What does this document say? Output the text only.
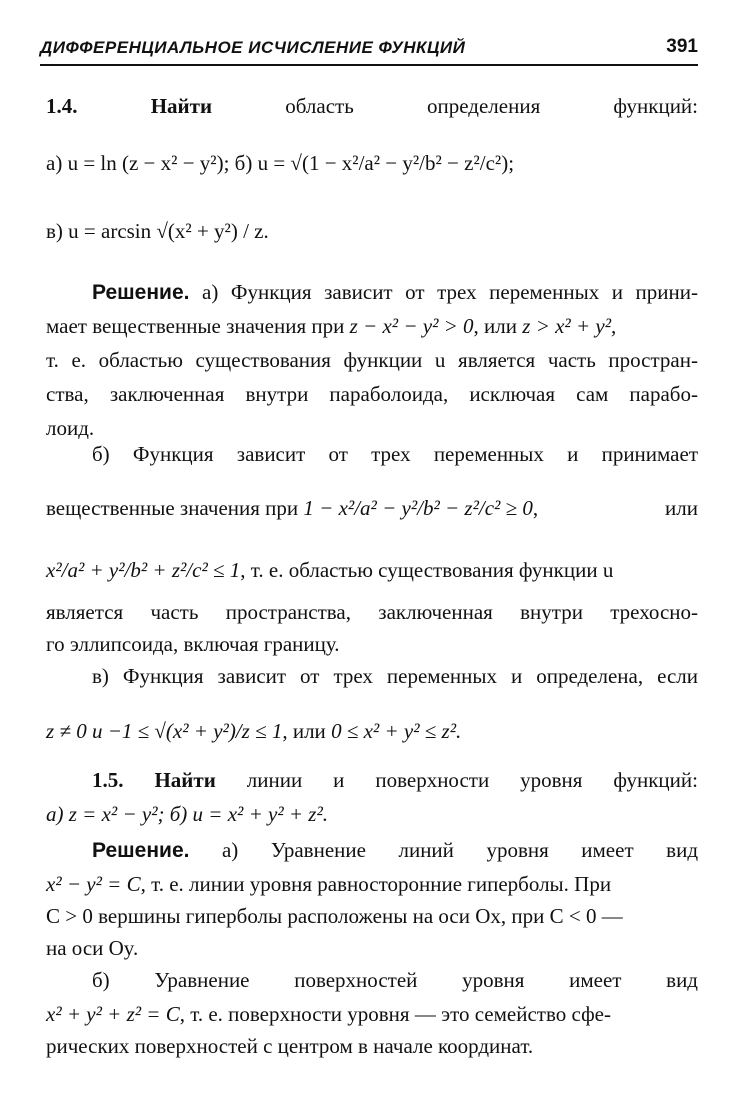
ДИФФЕРЕНЦИАЛЬНОЕ ИСЧИСЛЕНИЕ ФУНКЦИЙ	391
1.4.	Найти	область определения функций:
а) u = ln (z − x² − y²); б) u = √(1 − x²/a² − y²/b² − z²/c²);
в) u = arcsin √(x² + y²) / z.
Решение. а) Функция зависит от трех переменных и прини-
мает вещественные значения при z − x² − y² > 0, или z > x² + y²,
т. е. областью существования функции u является часть простран-
ства, заключенная внутри параболоида, исключая сам парабо-
лоид.
б) Функция зависит от трех переменных и принимает
вещественные значения при 1 − x²/a² − y²/b² − z²/c² ≥ 0,	или
x²/a² + y²/b² + z²/c² ≤ 1, т. е. областью существования функции u
является часть пространства, заключенная внутри трехосно-
го эллипсоида, включая границу.
в) Функция зависит от трех переменных и определена, если
z ≠ 0 и −1 ≤ √(x² + y²)/z ≤ 1, или 0 ≤ x² + y² ≤ z².
1.5. Найти линии и поверхности уровня функций:
а) z = x² − y²; б) u = x² + y² + z².
Решение. а) Уравнение линий уровня имеет вид
x² − y² = C, т. е. линии уровня равносторонние гиперболы. При
C > 0 вершины гиперболы расположены на оси Ox, при C < 0 —
на оси Oy.
б) Уравнение поверхностей уровня имеет вид
x² + y² + z² = C, т. е. поверхности уровня — это семейство сфе-
рических поверхностей с центром в начале координат.
